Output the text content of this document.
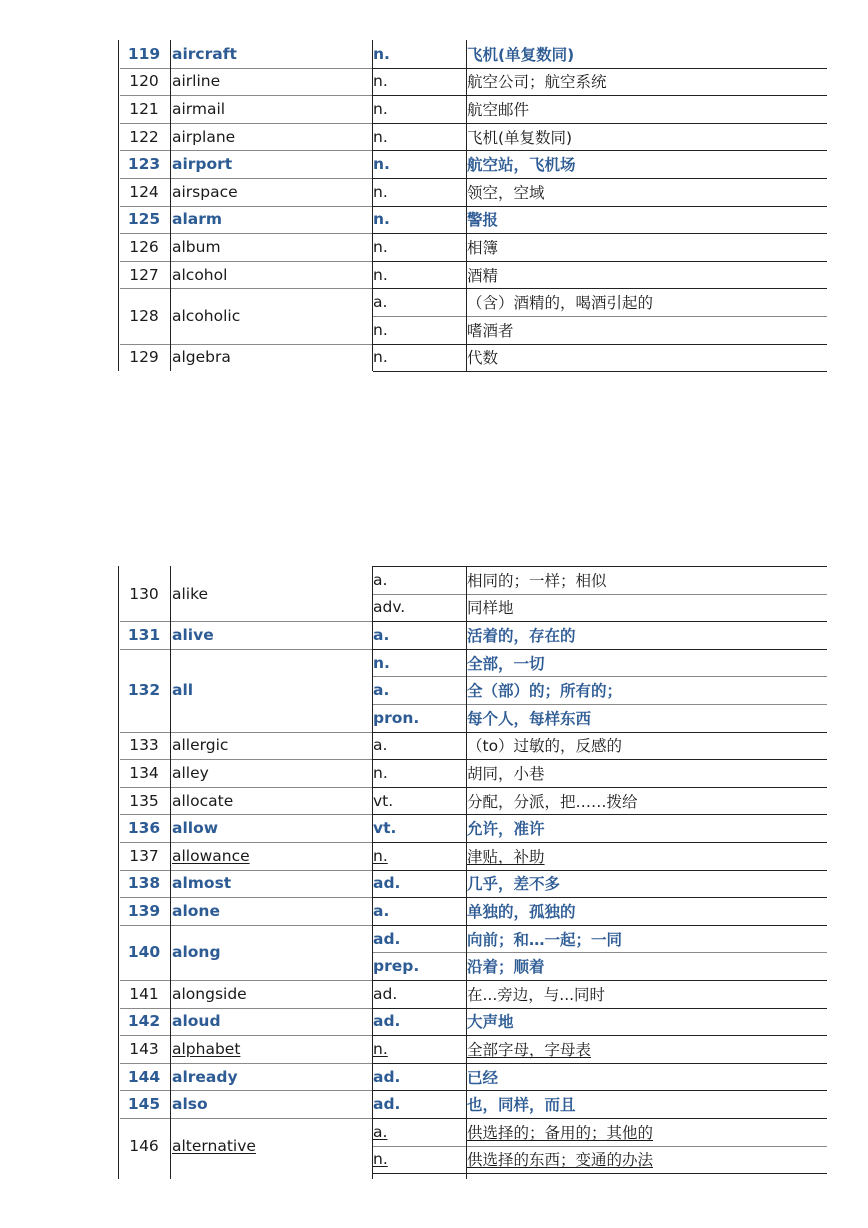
119 aircraft	n.	飞机(单复数同)
120 airline	n.	航空公司；航空系统
121 airmail	n.	航空邮件
122 airplane	n.	飞机(单复数同)
123 airport	n.	航空站，飞机场
124 airspace	n.	领空，空域
125 alarm	n.	警报
126 album	n.	相簿
127 alcohol	n.	酒精
128 alcoholic
a.	（含）酒精的，喝酒引起的
n.	嗜酒者
129 algebra	n.	代数
130 alike
a.	相同的；一样；相似
adv.	同样地
131 alive	a.	活着的，存在的
132 all
n.	全部，一切
a.	全（部）的；所有的；
pron.	每个人，每样东西
133 allergic	a.	（to）过敏的，反感的
134 alley	n.	胡同，小巷
135 allocate	vt.	分配，分派，把……拨给
136 allow	vt.	允许，准许
137 allowance	n.	津贴，补助
138 almost	ad.	几乎，差不多
139 alone	a.	单独的，孤独的
140 along
ad.	向前；和…一起；一同
prep.	沿着；顺着
141 alongside	ad.	在...旁边，与...同时
142 aloud	ad.	大声地
143 alphabet	n.	全部字母，字母表
144 already	ad.	已经
145 also	ad.	也，同样，而且
146 alternative
a.	供选择的；备用的；其他的
n.	供选择的东西；变通的办法
